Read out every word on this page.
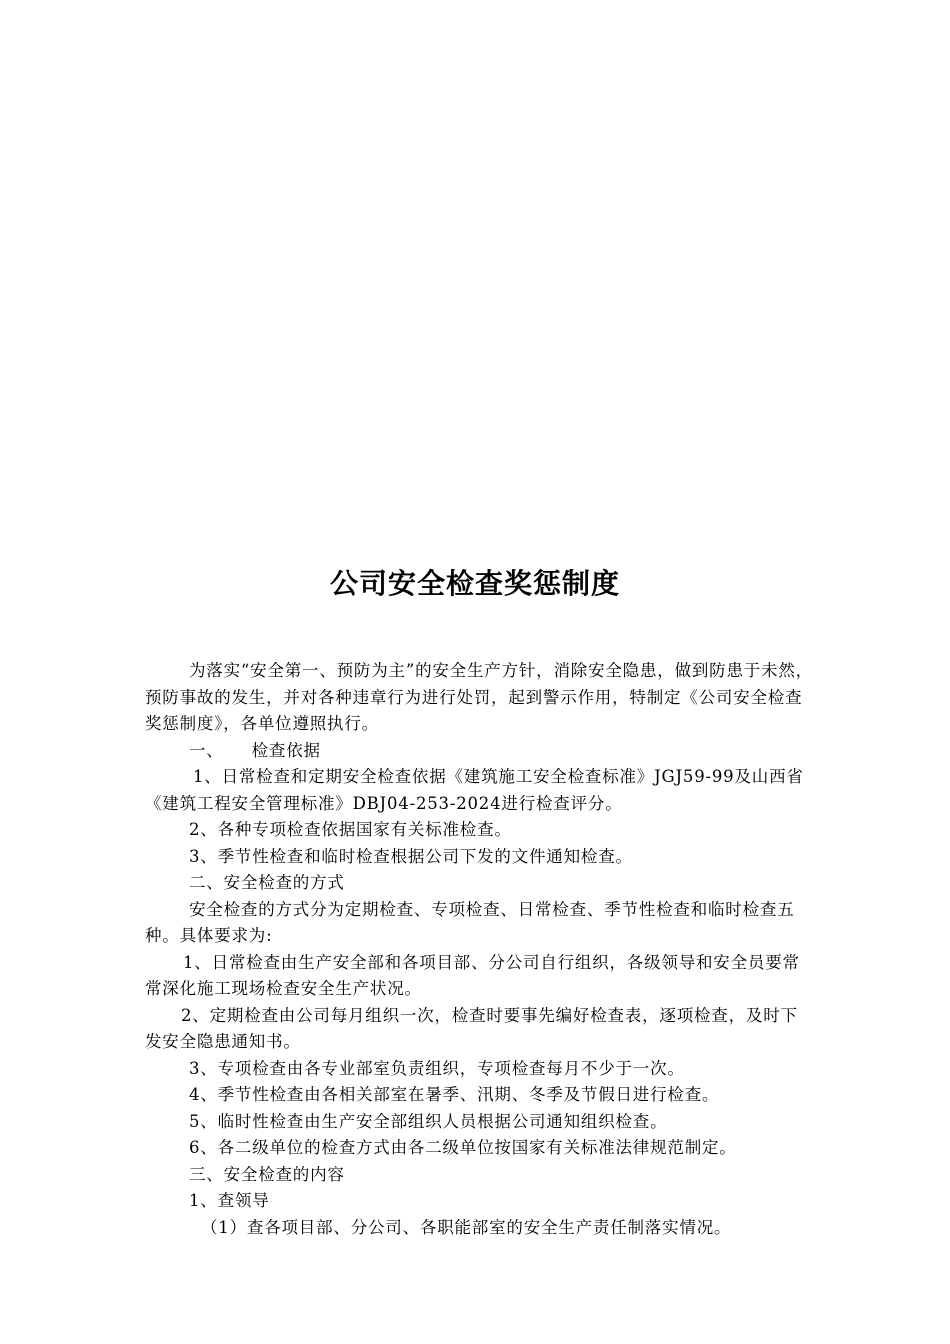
公司安全检查奖惩制度

为落实“安全第一、预防为主”的安全生产方针，消除安全隐患，做到防患于未然，预防事故的发生，并对各种违章行为进行处罚，起到警示作用，特制定《公司安全检查奖惩制度》，各单位遵照执行。

一、 检查依据

1、日常检查和定期安全检查依据《建筑施工安全检查标准》JGJ59-99及山西省《建筑工程安全管理标准》DBJ04-253-2024进行检查评分。

2、各种专项检查依据国家有关标准检查。

3、季节性检查和临时检查根据公司下发的文件通知检查。

二、安全检查的方式

安全检查的方式分为定期检查、专项检查、日常检查、季节性检查和临时检查五种。具体要求为:

1、日常检查由生产安全部和各项目部、分公司自行组织，各级领导和安全员要常常深化施工现场检查安全生产状况。

2、定期检查由公司每月组织一次，检查时要事先编好检查表，逐项检查，及时下发安全隐患通知书。

3、专项检查由各专业部室负责组织，专项检查每月不少于一次。

4、季节性检查由各相关部室在暑季、汛期、冬季及节假日进行检查。

5、临时性检查由生产安全部组织人员根据公司通知组织检查。

6、各二级单位的检查方式由各二级单位按国家有关标准法律规范制定。

三、安全检查的内容

1、查领导

（1）查各项目部、分公司、各职能部室的安全生产责任制落实情况。
